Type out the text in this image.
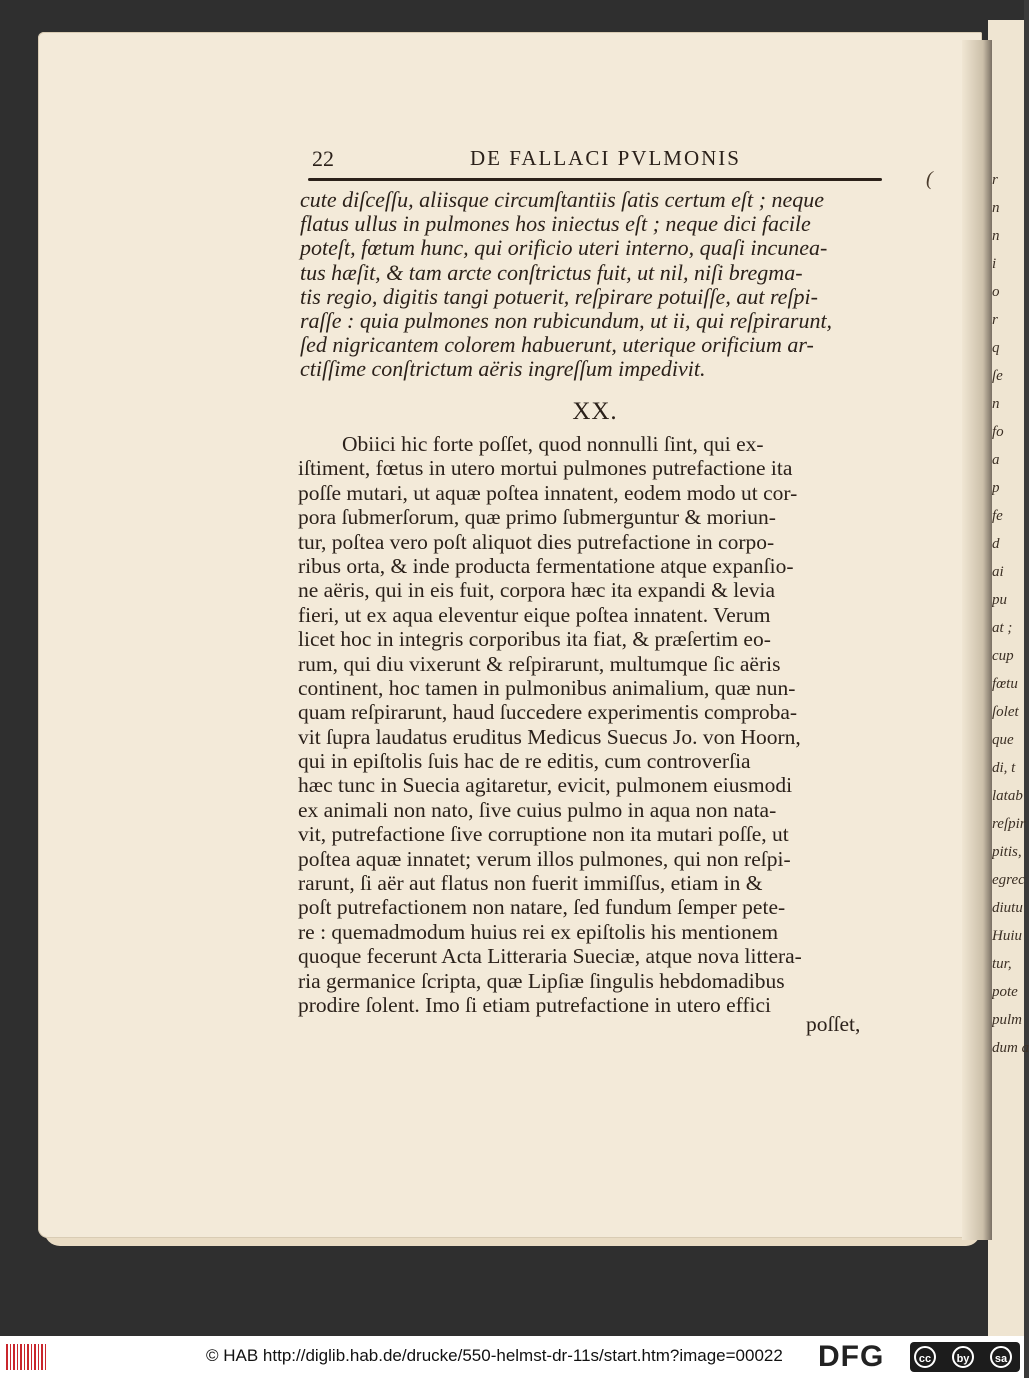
r
n
n
i
o
r
q
ſe
n
fo
a
p
fe
d
ai
pu
at ;
cup
fœtu
ſolet
que
di, t
latab
reſpir
pitis,
egrec
diutu
Huiu
tur,
pote
pulm
dum a
22	DE FALLACI PVLMONIS
(
cute diſceſſu, aliisque circumſtantiis ſatis certum eſt ; neque
flatus ullus in pulmones hos iniectus eſt ; neque dici facile
poteſt, fœtum hunc, qui orificio uteri interno, quaſi incunea-
tus hæſit, & tam arcte conſtrictus fuit, ut nil, niſi bregma-
tis regio, digitis tangi potuerit, reſpirare potuiſſe, aut reſpi-
raſſe : quia pulmones non rubicundum, ut ii, qui reſpirarunt,
ſed nigricantem colorem habuerunt, uterique orificium ar-
ctiſſime conſtrictum aëris ingreſſum impedivit.
XX.
Obiici hic forte poſſet, quod nonnulli ſint, qui ex-
iſtiment, fœtus in utero mortui pulmones putrefactione ita
poſſe mutari, ut aquæ poſtea innatent, eodem modo ut cor-
pora ſubmerſorum, quæ primo ſubmerguntur & moriun-
tur, poſtea vero poſt aliquot dies putrefactione in corpo-
ribus orta, & inde producta fermentatione atque expanſio-
ne aëris, qui in eis fuit, corpora hæc ita expandi & levia
fieri, ut ex aqua eleventur eique poſtea innatent. Verum
licet hoc in integris corporibus ita fiat, & præſertim eo-
rum, qui diu vixerunt & reſpirarunt, multumque ſic aëris
continent, hoc tamen in pulmonibus animalium, quæ nun-
quam reſpirarunt, haud ſuccedere experimentis comproba-
vit ſupra laudatus eruditus Medicus Suecus Jo. von Hoorn,
qui in epiſtolis ſuis hac de re editis, cum controverſia
hæc tunc in Suecia agitaretur, evicit, pulmonem eiusmodi
ex animali non nato, ſive cuius pulmo in aqua non nata-
vit, putrefactione ſive corruptione non ita mutari poſſe, ut
poſtea aquæ innatet; verum illos pulmones, qui non reſpi-
rarunt, ſi aër aut flatus non fuerit immiſſus, etiam in &
poſt putrefactionem non natare, ſed fundum ſemper pete-
re : quemadmodum huius rei ex epiſtolis his mentionem
quoque fecerunt Acta Litteraria Sueciæ, atque nova littera-
ria germanice ſcripta, quæ Lipſiæ ſingulis hebdomadibus
prodire ſolent. Imo ſi etiam putrefactione in utero effici
poſſet,
© HAB http://diglib.hab.de/drucke/550-helmst-dr-11s/start.htm?image=00022 DFG	cc	by	sa
